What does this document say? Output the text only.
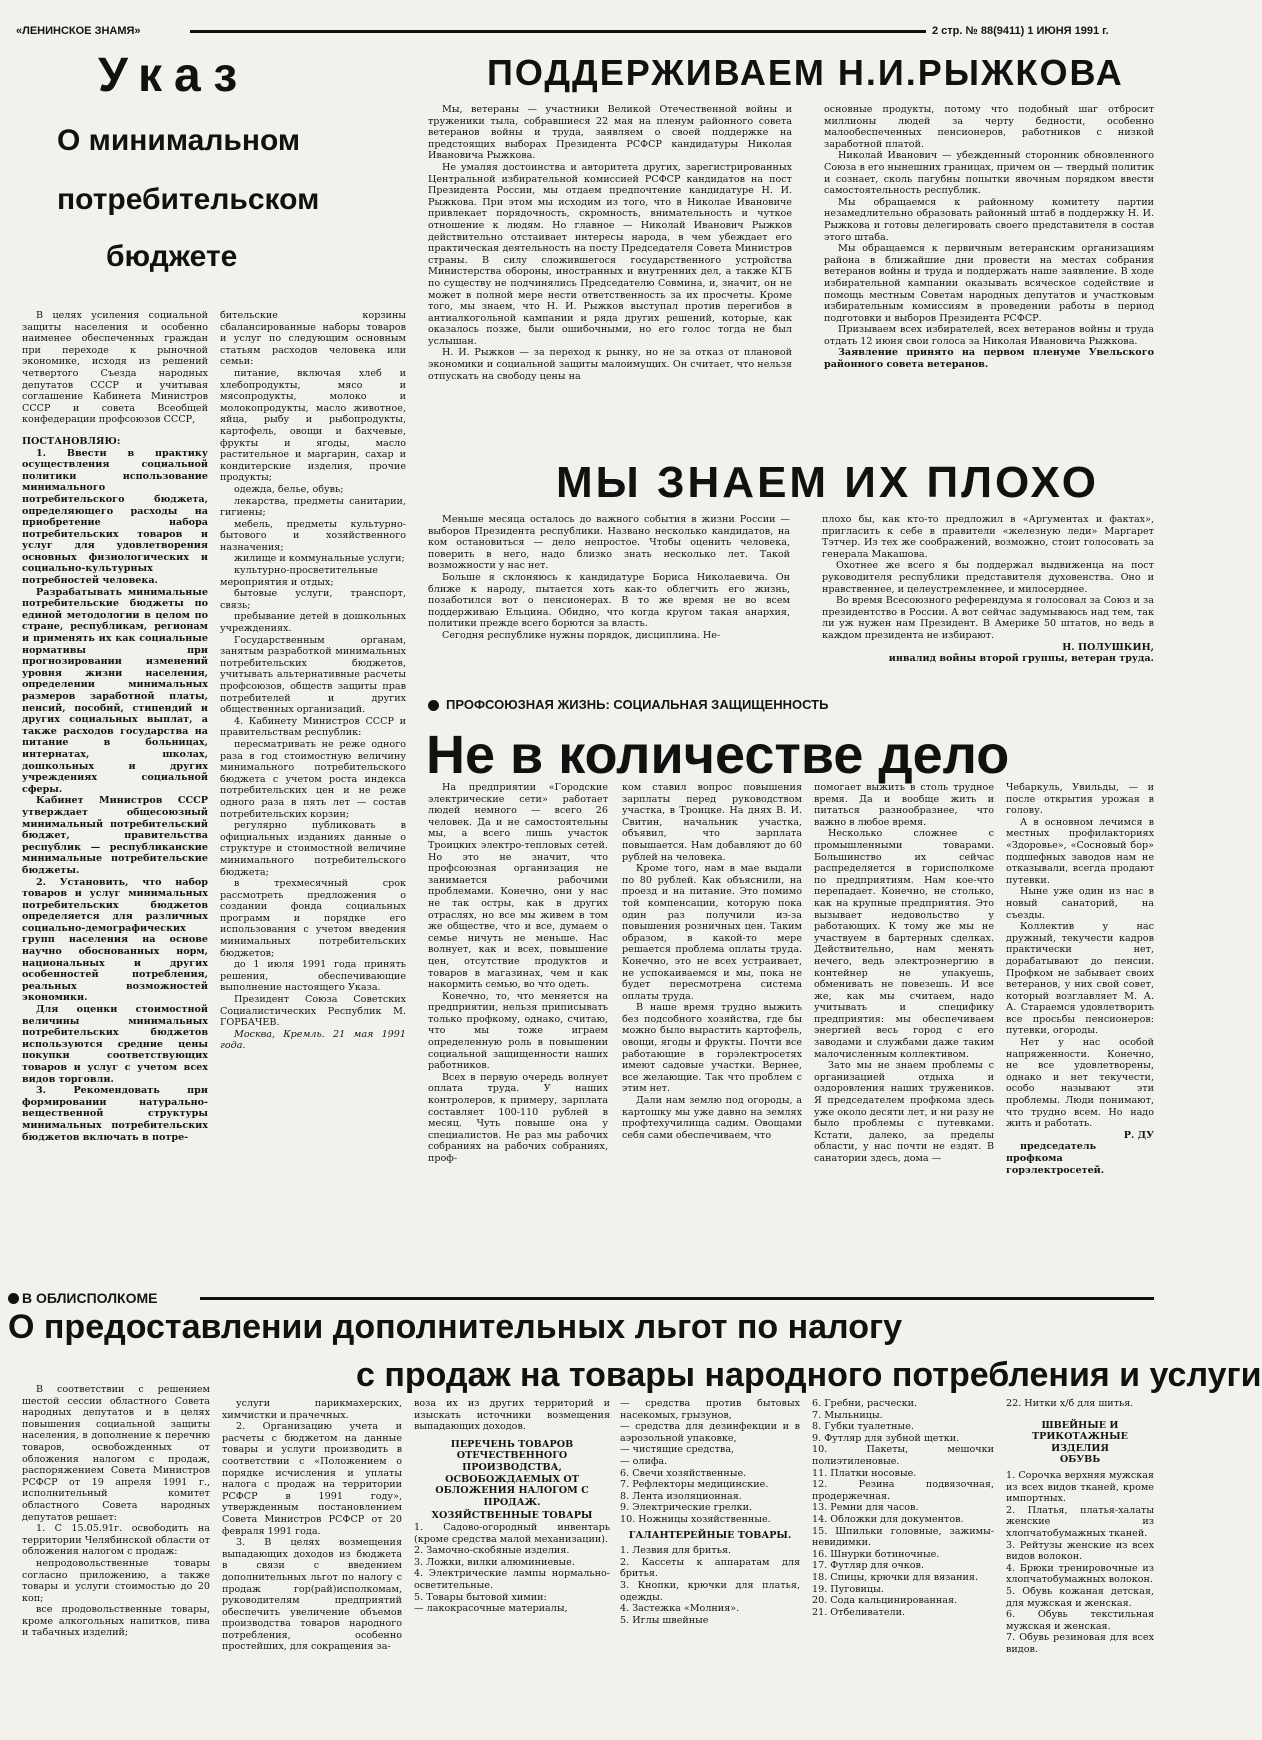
«ЛЕНИНСКОЕ ЗНАМЯ»	2 стр. № 88(9411) 1 ИЮНЯ 1991 г.
Указ
О минимальном
потребительском
бюджете

В целях усиления социальной защиты населения и особенно наименее обеспеченных граждан при переходе к рыночной экономике, исходя из решений четвертого Съезда народных депутатов СССР и учитывая соглашение Кабинета Министров СССР и совета Всеобщей конфедерации профсоюзов СССР,

ПОСТАНОВЛЯЮ:

1. Ввести в практику осуществления социальной политики использование минимального потребительского бюджета, определяющего расходы на приобретение набора потребительских товаров и услуг для удовлетворения основных физиологических и социально-культурных потребностей человека.

Разрабатывать минимальные потребительские бюджеты по единой методологии в целом по стране, республикам, регионам и применять их как социальные нормативы при прогнозировании изменений уровня жизни населения, определении минимальных размеров заработной платы, пенсий, пособий, стипендий и других социальных выплат, а также расходов государства на питание в больницах, интернатах, школах, дошкольных и других учреждениях социальной сферы.

Кабинет Министров СССР утверждает общесоюзный минимальный потребительский бюджет, правительства республик — республиканские минимальные потребительские бюджеты.

2. Установить, что набор товаров и услуг минимальных потребительских бюджетов определяется для различных социально-демографических групп населения на основе научно обоснованных норм, национальных и других особенностей потребления, реальных возможностей экономики.

Для оценки стоимостной величины минимальных потребительских бюджетов используются средние цены покупки соответствующих товаров и услуг с учетом всех видов торговли.

3. Рекомендовать при формировании натурально-вещественной структуры минимальных потребительских бюджетов включать в потре-

бительские корзины сбалансированные наборы товаров и услуг по следующим основным статьям расходов человека или семьи:

питание, включая хлеб и хлебопродукты, мясо и мясопродукты, молоко и молокопродукты, масло животное, яйца, рыбу и рыбопродукты, картофель, овощи и бахчевые, фрукты и ягоды, масло растительное и маргарин, сахар и кондитерские изделия, прочие продукты;

одежда, белье, обувь;

лекарства, предметы санитарии, гигиены;

мебель, предметы культурно-бытового и хозяйственного назначения;

жилище и коммунальные услуги;

культурно-просветительные мероприятия и отдых;

бытовые услуги, транспорт, связь;

пребывание детей в дошкольных учреждениях.

Государственным органам, занятым разработкой минимальных потребительских бюджетов, учитывать альтернативные расчеты профсоюзов, обществ защиты прав потребителей и других общественных организаций.

4. Кабинету Министров СССР и правительствам республик:

пересматривать не реже одного раза в год стоимостную величину минимального потребительского бюджета с учетом роста индекса потребительских цен и не реже одного раза в пять лет — состав потребительских корзин;

регулярно публиковать в официальных изданиях данные о структуре и стоимостной величине минимального потребительского бюджета;

в трехмесячный срок рассмотреть предложения о создании фонда социальных программ и порядке его использования с учетом введения минимальных потребительских бюджетов;

до 1 июля 1991 года принять решения, обеспечивающие выполнение настоящего Указа.

Президент Союза Советских Социалистических Республик М. ГОРБАЧЕВ.

Москва, Кремль. 21 мая 1991 года.

ПОДДЕРЖИВАЕМ Н.И.РЫЖКОВА

Мы, ветераны — участники Великой Отечественной войны и труженики тыла, собравшиеся 22 мая на пленум районного совета ветеранов войны и труда, заявляем о своей поддержке на предстоящих выборах Президента РСФСР кандидатуры Николая Ивановича Рыжкова.

Не умаляя достоинства и авторитета других, зарегистрированных Центральной избирательной комиссией РСФСР кандидатов на пост Президента России, мы отдаем предпочтение кандидатуре Н. И. Рыжкова. При этом мы исходим из того, что в Николае Ивановиче привлекает порядочность, скромность, внимательность и чуткое отношение к людям. Но главное — Николай Иванович Рыжков действительно отстаивает интересы народа, в чем убеждает его практическая деятельность на посту Председателя Совета Министров страны. В силу сложившегося государственного устройства Министерства обороны, иностранных и внутренних дел, а также КГБ по существу не подчинялись Председателю Совмина, и, значит, он не может в полной мере нести ответственность за их просчеты. Кроме того, мы знаем, что Н. И. Рыжков выступал против перегибов в антиалкогольной кампании и ряда других решений, которые, как оказалось позже, были ошибочными, но его голос тогда не был услышан.

Н. И. Рыжков — за переход к рынку, но не за отказ от плановой экономики и социальной защиты малоимущих. Он считает, что нельзя отпускать на свободу цены на

основные продукты, потому что подобный шаг отбросит миллионы людей за черту бедности, особенно малообеспеченных пенсионеров, работников с низкой заработной платой.

Николай Иванович — убежденный сторонник обновленного Союза в его нынешних границах, причем он — твердый политик и сознает, сколь пагубны попытки явочным порядком ввести самостоятельность республик.

Мы обращаемся к районному комитету партии незамедлительно образовать районный штаб в поддержку Н. И. Рыжкова и готовы делегировать своего представителя в состав этого штаба.

Мы обращаемся к первичным ветеранским организациям района в ближайшие дни провести на местах собрания ветеранов войны и труда и поддержать наше заявление. В ходе избирательной кампании оказывать всяческое содействие и помощь местным Советам народных депутатов и участковым избирательным комиссиям в проведении работы в период подготовки и выборов Президента РСФСР.

Призываем всех избирателей, всех ветеранов войны и труда отдать 12 июня свои голоса за Николая Ивановича Рыжкова.

Заявление принято на первом пленуме Увельского районного совета ветеранов.

МЫ ЗНАЕМ ИХ ПЛОХО

Меньше месяца осталось до важного события в жизни России — выборов Президента республики. Названо несколько кандидатов, на ком остановиться — дело непростое. Чтобы оценить человека, поверить в него, надо близко знать несколько лет. Такой возможности у нас нет.

Больше я склоняюсь к кандидатуре Бориса Николаевича. Он ближе к народу, пытается хоть как-то облегчить его жизнь, позаботился вот о пенсионерах. В то же время не во всем поддерживаю Ельцина. Обидно, что когда кругом такая анархия, политики прежде всего борются за власть.

Сегодня республике нужны порядок, дисциплина. Не-

плохо бы, как кто-то предложил в «Аргументах и фактах», пригласить к себе в правители «железную леди» Маргарет Тэтчер. Из тех же соображений, возможно, стоит голосовать за генерала Макашова.

Охотнее же всего я бы поддержал выдвиженца на пост руководителя республики представителя духовенства. Оно и нравственнее, и целеустремленнее, и милосерднее.

Во время Всесоюзного референдума я голосовал за Союз и за президентство в России. А вот сейчас задумываюсь над тем, так ли уж нужен нам Президент. В Америке 50 штатов, но ведь в каждом президента не избирают.

Н. ПОЛУШКИН,

инвалид войны второй группы, ветеран труда.

ПРОФСОЮЗНАЯ ЖИЗНЬ: СОЦИАЛЬНАЯ ЗАЩИЩЕННОСТЬ
Не в количестве дело

На предприятии «Городские электрические сети» работает людей немного — всего 26 человек. Да и не самостоятельны мы, а всего лишь участок Троицких электро-тепловых сетей. Но это не значит, что профсоюзная организация не занимается рабочими проблемами. Конечно, они у нас не так остры, как в других отраслях, но все мы живем в том же обществе, что и все, думаем о семье ничуть не меньше. Нас волнует, как и всех, повышение цен, отсутствие продуктов и товаров в магазинах, чем и как накормить семью, во что одеть.

Конечно, то, что меняется на предприятии, нельзя приписывать только профкому, однако, считаю, что мы тоже играем определенную роль в повышении социальной защищенности наших работников.

Всех в первую очередь волнует оплата труда. У наших контролеров, к примеру, зарплата составляет 100-110 рублей в месяц. Чуть повыше она у специалистов. Не раз мы рабочих собраниях на рабочих собраниях, проф-

ком ставил вопрос повышения зарплаты перед руководством участка, в Троицке. На днях В. И. Свитин, начальник участка, объявил, что зарплата повышается. Нам добавляют до 60 рублей на человека.

Кроме того, нам в мае выдали по 80 рублей. Как объяснили, на проезд и на питание. Это помимо той компенсации, которую пока один раз получили из-за повышения розничных цен. Таким образом, в какой-то мере решается проблема оплаты труда. Конечно, это не всех устраивает, не успокаиваемся и мы, пока не будет пересмотрена система оплаты труда.

В наше время трудно выжить без подсобного хозяйства, где бы можно было вырастить картофель, овощи, ягоды и фрукты. Почти все работающие в горэлектросетях имеют садовые участки. Вернее, все желающие. Так что проблем с этим нет.

Дали нам землю под огороды, а картошку мы уже давно на землях профтехучилища садим. Овощами себя сами обеспечиваем, что

помогает выжить в столь трудное время. Да и вообще жить и питаться разнообразнее, что важно в любое время.

Несколько сложнее с промышленными товарами. Большинство их сейчас распределяется в горисполкоме по предприятиям. Нам кое-что перепадает. Конечно, не столько, как на крупные предприятия. Это вызывает недовольство у работающих. К тому же мы не участвуем в бартерных сделках. Действительно, нам менять нечего, ведь электроэнергию в контейнер не упакуешь, обменивать не повезешь. И все же, как мы считаем, надо учитывать и специфику предприятия: мы обеспечиваем энергией весь город с его заводами и службами даже таким малочисленным коллективом.

Зато мы не знаем проблемы с организацией отдыха и оздоровления наших тружеников. Я председателем профкома здесь уже около десяти лет, и ни разу не было проблемы с путевками. Кстати, далеко, за пределы области, у нас почти не ездят. В санатории здесь, дома —

Чебаркуль, Увильды, — и после открытия урожая в голову.

А в основном лечимся в местных профилакториях «Здоровье», «Сосновый бор» подшефных заводов нам не отказывали, всегда продают путевки.

Ныне уже один из нас в новый санаторий, на съезды.

Коллектив у нас дружный, текучести кадров практически нет, дорабатывают до пенсии. Профком не забывает своих ветеранов, у них свой совет, который возглавляет М. А. А. Стараемся удовлетворить все просьбы пенсионеров: путевки, огороды.

Нет у нас особой напряженности. Конечно, не все удовлетворены, однако и нет текучести, особо называют эти проблемы. Люди понимают, что трудно всем. Но надо жить и работать.

Р. ДУ

председатель профкома горэлектросетей.

В ОБЛИСПОЛКОМЕ
О предоставлении дополнительных льгот по налогу
с продаж на товары народного потребления и услуги

В соответствии с решением шестой сессии областного Совета народных депутатов и в целях повышения социальной защиты населения, в дополнение к перечню товаров, освобожденных от обложения налогом с продаж, распоряжением Совета Министров РСФСР от 19 апреля 1991 г., исполнительный комитет областного Совета народных депутатов решает:

1. С 15.05.91г. освободить на территории Челябинской области от обложения налогом с продаж:

непродовольственные товары согласно приложению, а также товары и услуги стоимостью до 20 коп;

все продовольственные товары, кроме алкогольных напитков, пива и табачных изделий;

услуги парикмахерских, химчистки и прачечных.

2. Организацию учета и расчеты с бюджетом на данные товары и услуги производить в соответствии с «Положением о порядке исчисления и уплаты налога с продаж на территории РСФСР в 1991 году», утвержденным постановлением Совета Министров РСФСР от 20 февраля 1991 года.

3. В целях возмещения выпадающих доходов из бюджета в связи с введением дополнительных льгот по налогу с продаж гор(рай)исполкомам, руководителям предприятий обеспечить увеличение объемов производства товаров народного потребления, особенно простейших, для сокращения за-

воза их из других территорий и изыскать источники возмещения выпадающих доходов.

ПЕРЕЧЕНЬ ТОВАРОВ ОТЕЧЕСТВЕННОГО ПРОИЗВОДСТВА, ОСВОБОЖДАЕМЫХ ОТ ОБЛОЖЕНИЯ НАЛОГОМ С ПРОДАЖ.

ХОЗЯЙСТВЕННЫЕ ТОВАРЫ

1. Садово-огородный инвентарь (кроме средства малой механизации).

2. Замочно-скобяные изделия.

3. Ложки, вилки алюминиевые.

4. Электрические лампы нормально-осветительные.

5. Товары бытовой химии:

— лакокрасочные материалы,

— средства против бытовых насекомых, грызунов,

— средства для дезинфекции и в аэрозольной упаковке,

— чистящие средства,

— олифа.

6. Свечи хозяйственные.

7. Рефлекторы медицинские.

8. Лента изоляционная.

9. Электрические грелки.

10. Ножницы хозяйственные.

ГАЛАНТЕРЕЙНЫЕ ТОВАРЫ.

1. Лезвия для бритья.

2. Кассеты к аппаратам для бритья.

3. Кнопки, крючки для платья, одежды.

4. Застежка «Молния».

5. Иглы швейные

6. Гребни, расчески.

7. Мыльницы.

8. Губки туалетные.

9. Футляр для зубной щетки.

10. Пакеты, мешочки полиэтиленовые.

11. Платки носовые.

12. Резина подвязочная, продержечная.

13. Ремни для часов.

14. Обложки для документов.

15. Шпильки головные, зажимы-невидимки.

16. Шнурки ботиночные.

17. Футляр для очков.

18. Спицы, крючки для вязания.

19. Пуговицы.

20. Сода кальцинированная.

21. Отбеливатели.

22. Нитки х/б для шитья.

ШВЕЙНЫЕ И ТРИКОТАЖНЫЕ ИЗДЕЛИЯ

ОБУВЬ

1. Сорочка верхняя мужская из всех видов тканей, кроме импортных.

2. Платья, платья-халаты женские из хлопчатобумажных тканей.

3. Рейтузы женские из всех видов волокон.

4. Брюки тренировочные из хлопчатобумажных волокон.

5. Обувь кожаная детская, для мужская и женская.

6. Обувь текстильная мужская и женская.

7. Обувь резиновая для всех видов.
